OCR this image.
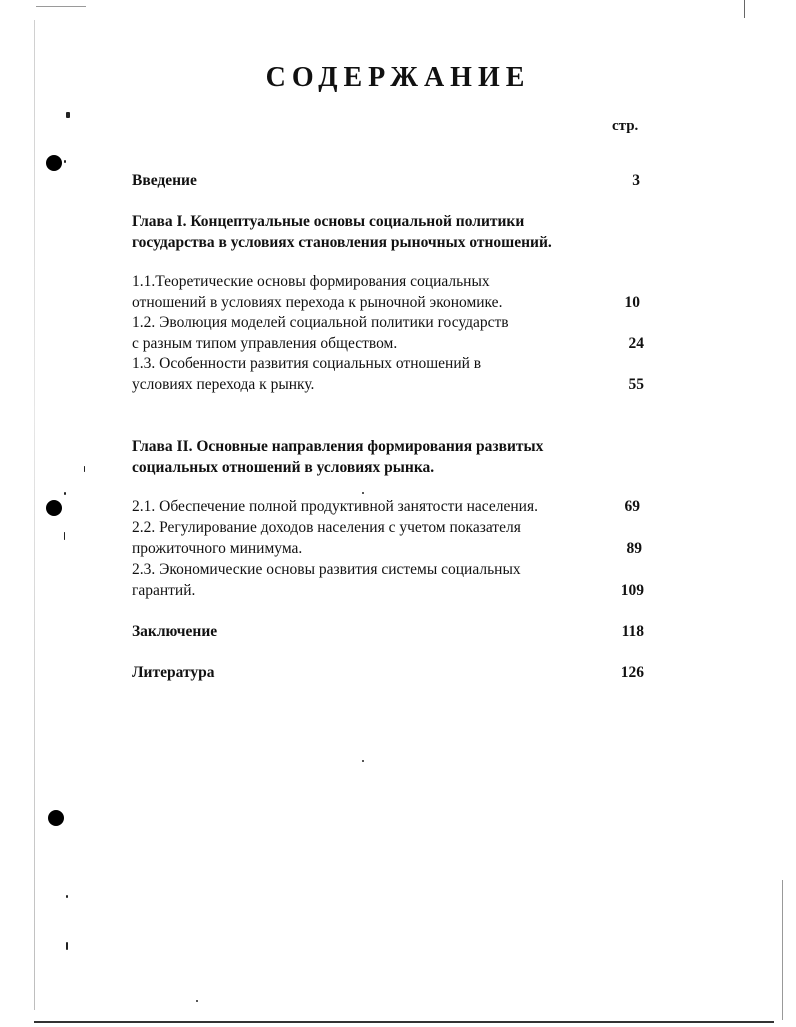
СОДЕРЖАНИЕ
стр.
Введение	3
Глава I. Концептуальные основы социальной политики
государства в условиях становления рыночных отношений.
1.1.Теоретические основы формирования социальных
отношений в условиях перехода к рыночной экономике.	10
1.2. Эволюция моделей социальной политики государств
с разным типом управления обществом.	24
1.3. Особенности развития социальных отношений в
условиях перехода к рынку.	55
Глава II. Основные направления формирования развитых
социальных отношений в условиях рынка.
2.1. Обеспечение полной продуктивной занятости населения.	69
2.2. Регулирование доходов населения с учетом показателя
прожиточного минимума.	89
2.3. Экономические основы развития системы социальных
гарантий.	109
Заключение	118
Литература	126
